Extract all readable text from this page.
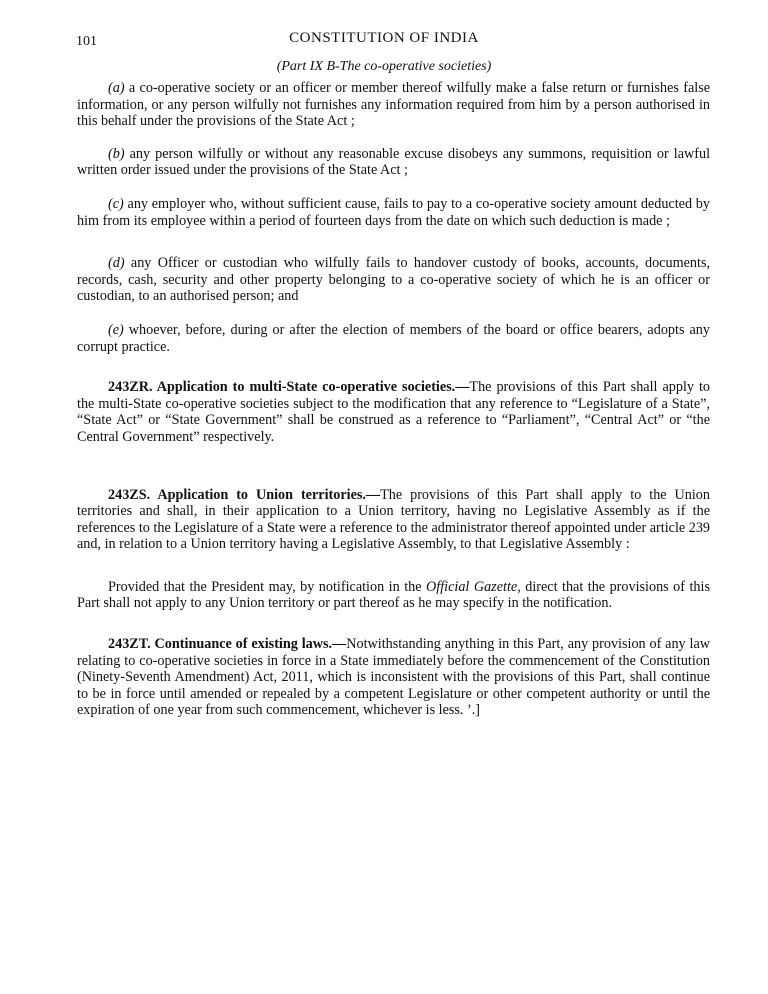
101	CONSTITUTION OF INDIA
(Part IX B-The co-operative societies)

(a) a co-operative society or an officer or member thereof wilfully make a false return or furnishes false information, or any person wilfully not furnishes any information required from him by a person authorised in this behalf under the provisions of the State Act ;

(b) any person wilfully or without any reasonable excuse disobeys any summons, requisition or lawful written order issued under the provisions of the State Act ;

(c) any employer who, without sufficient cause, fails to pay to a co-operative society amount deducted by him from its employee within a period of fourteen days from the date on which such deduction is made ;

(d) any Officer or custodian who wilfully fails to handover custody of books, accounts, documents, records, cash, security and other property belonging to a co-operative society of which he is an officer or custodian, to an authorised person; and

(e) whoever, before, during or after the election of members of the board or office bearers, adopts any corrupt practice.

243ZR. Application to multi-State co-operative societies.—The provisions of this Part shall apply to the multi-State co-operative societies subject to the modification that any reference to “Legislature of a State”, “State Act” or “State Government” shall be construed as a reference to “Parliament”, “Central Act” or “the Central Government” respectively.

243ZS. Application to Union territories.—The provisions of this Part shall apply to the Union territories and shall, in their application to a Union territory, having no Legislative Assembly as if the references to the Legislature of a State were a reference to the administrator thereof appointed under article 239 and, in relation to a Union territory having a Legislative Assembly, to that Legislative Assembly :

Provided that the President may, by notification in the Official Gazette, direct that the provisions of this Part shall not apply to any Union territory or part thereof as he may specify in the notification.

243ZT. Continuance of existing laws.—Notwithstanding anything in this Part, any provision of any law relating to co-operative societies in force in a State immediately before the commencement of the Constitution (Ninety-Seventh Amendment) Act, 2011, which is inconsistent with the provisions of this Part, shall continue to be in force until amended or repealed by a competent Legislature or other competent authority or until the expiration of one year from such commencement, whichever is less. ’.]
